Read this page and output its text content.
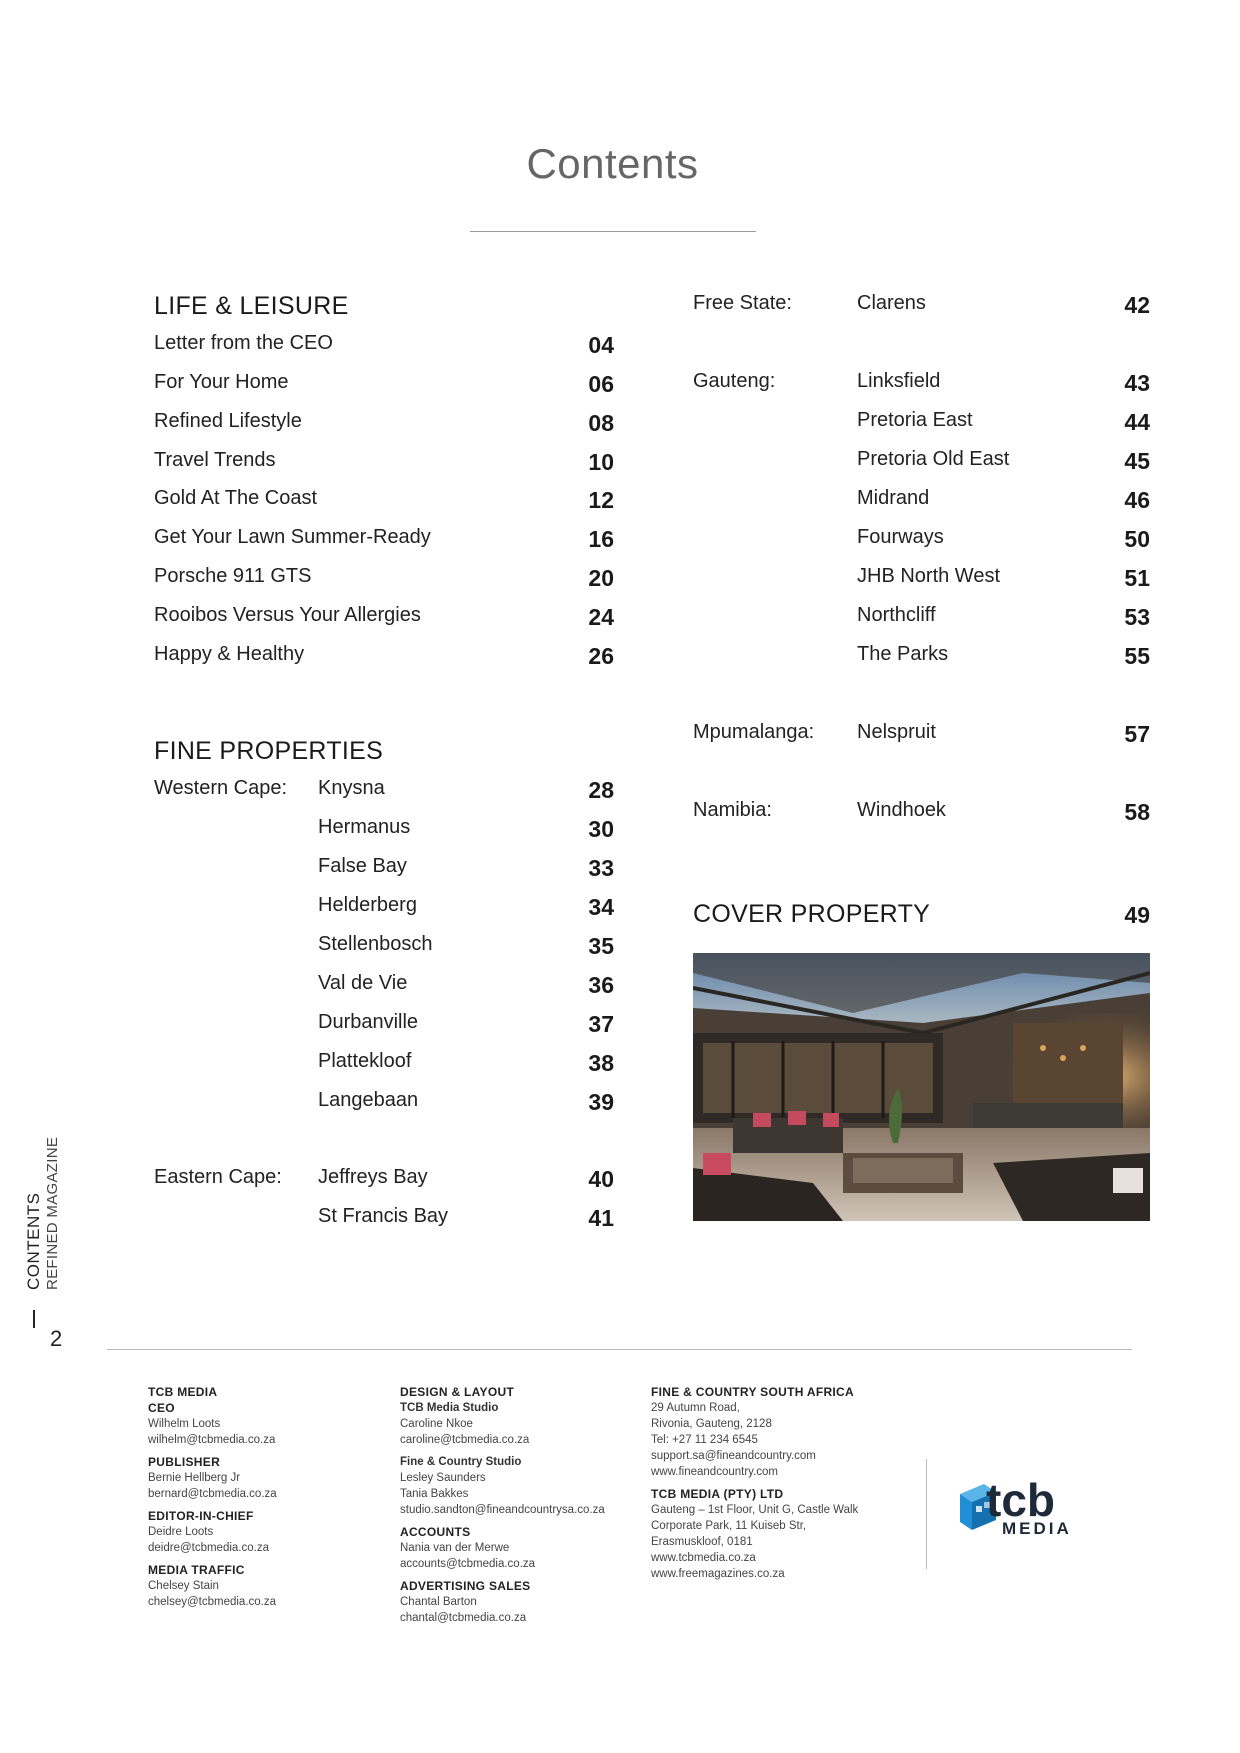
Contents
LIFE & LEISURE
Letter from the CEO	04
For Your Home	06
Refined Lifestyle	08
Travel Trends	10
Gold At The Coast	12
Get Your Lawn Summer-Ready	16
Porsche 911 GTS	20
Rooibos Versus Your Allergies	24
Happy & Healthy	26
FINE PROPERTIES
Western Cape: Knysna	28
Hermanus	30
False Bay	33
Helderberg	34
Stellenbosch	35
Val de Vie	36
Durbanville	37
Plattekloof	38
Langebaan	39
Eastern Cape: Jeffreys Bay	40
St Francis Bay	41
Free State:	Clarens	42
Gauteng:	Linksfield	43
Pretoria East	44
Pretoria Old East	45
Midrand	46
Fourways	50
JHB North West	51
Northcliff	53
The Parks	55
Mpumalanga: Nelspruit	57
Namibia:	Windhoek	58
COVER PROPERTY	49
CONTENTS
REFINED MAGAZINE
2
TCB MEDIA
CEO
Wilhelm Loots
wilhelm@tcbmedia.co.za
PUBLISHER
Bernie Hellberg Jr
bernard@tcbmedia.co.za
EDITOR-IN-CHIEF
Deidre Loots
deidre@tcbmedia.co.za
MEDIA TRAFFIC
Chelsey Stain
chelsey@tcbmedia.co.za
DESIGN & LAYOUT
TCB Media Studio
Caroline Nkoe
caroline@tcbmedia.co.za
Fine & Country Studio
Lesley Saunders
Tania Bakkes
studio.sandton@fineandcountrysa.co.za
ACCOUNTS
Nania van der Merwe
accounts@tcbmedia.co.za
ADVERTISING SALES
Chantal Barton
chantal@tcbmedia.co.za
FINE & COUNTRY SOUTH AFRICA
29 Autumn Road,
Rivonia, Gauteng, 2128
Tel: +27 11 234 6545
support.sa@fineandcountry.com
www.fineandcountry.com
TCB MEDIA (PTY) LTD
Gauteng – 1st Floor, Unit G, Castle Walk
Corporate Park, 11 Kuiseb Str,
Erasmuskloof, 0181
www.tcbmedia.co.za
www.freemagazines.co.za
tcb
MEDIA
